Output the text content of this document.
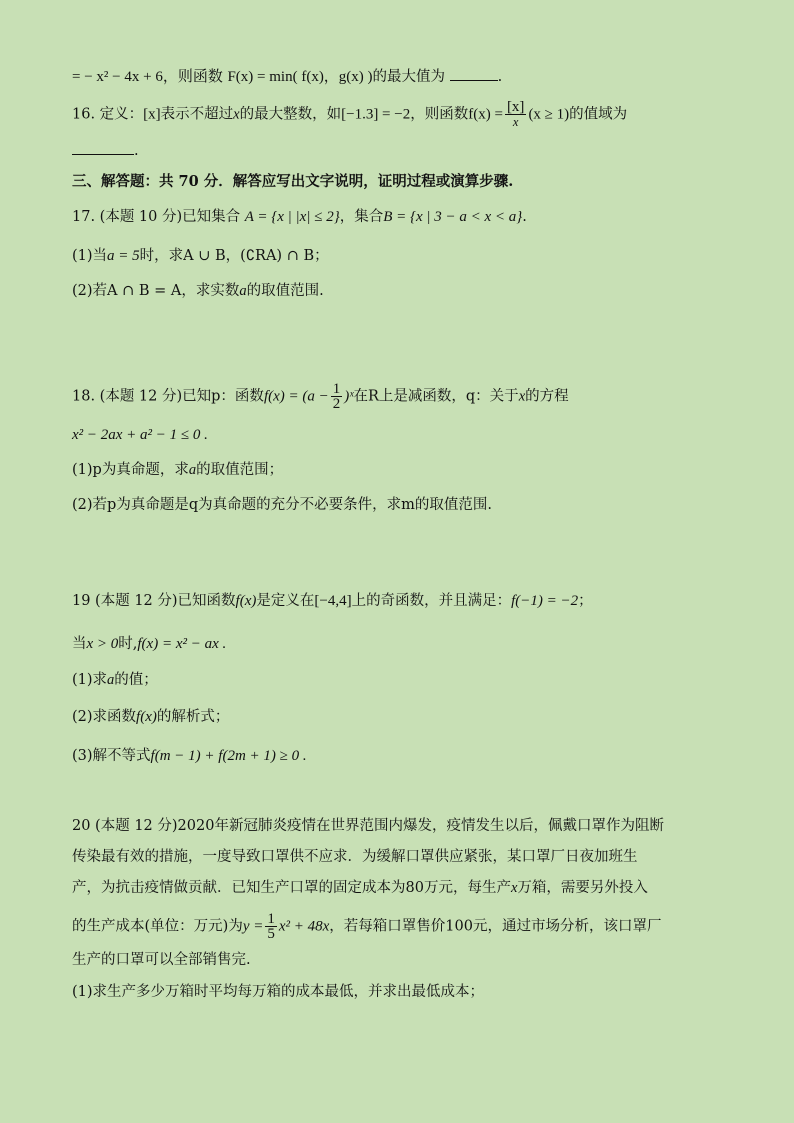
= − x² − 4x + 6，则函数 F(x) = min( f(x)，g(x) )的最大值为	.
16. 定义：[x]表示不超过x的最大整数，如[−1.3] = −2，则函数$f(x) = \frac{[x]}{x} (x \ge 1)$的值域为
.
三、解答题：共 70 分．解答应写出文字说明，证明过程或演算步骤.
17. (本题 10 分)已知集合 A = {x | |x| ≤ 2}，集合B = {x | 3 − a < x < a}.
(1)当a = 5时，求A ∪ B，(∁RA) ∩ B；
(2)若A ∩ B = A，求实数a的取值范围.
18. (本题 12 分)已知p：函数$f(x) = (a - \frac{1}{2}$ )ˣ在R上是减函数，q：关于x的方程
x² − 2ax + a² − 1 ≤ 0 .
(1)p为真命题，求a的取值范围；
(2)若p为真命题是q为真命题的充分不必要条件，求m的取值范围.
19 (本题 12 分)已知函数f(x)是定义在[−4,4]上的奇函数，并且满足：f(−1) = −2；
当x > 0时,f(x) = x² − ax .
(1)求a的值；
(2)求函数f(x)的解析式；
(3)解不等式f(m − 1) + f(2m + 1) ≥ 0 .
20 (本题 12 分)2020年新冠肺炎疫情在世界范围内爆发，疫情发生以后，佩戴口罩作为阻断
传染最有效的措施，一度导致口罩供不应求．为缓解口罩供应紧张，某口罩厂日夜加班生
产，为抗击疫情做贡献．已知生产口罩的固定成本为80万元，每生产x万箱，需要另外投入
的生产成本(单位：万元)为$y = \frac{1}{5} x^2 + 48x$，若每箱口罩售价100元，通过市场分析，该口罩厂
生产的口罩可以全部销售完.
(1)求生产多少万箱时平均每万箱的成本最低，并求出最低成本；
